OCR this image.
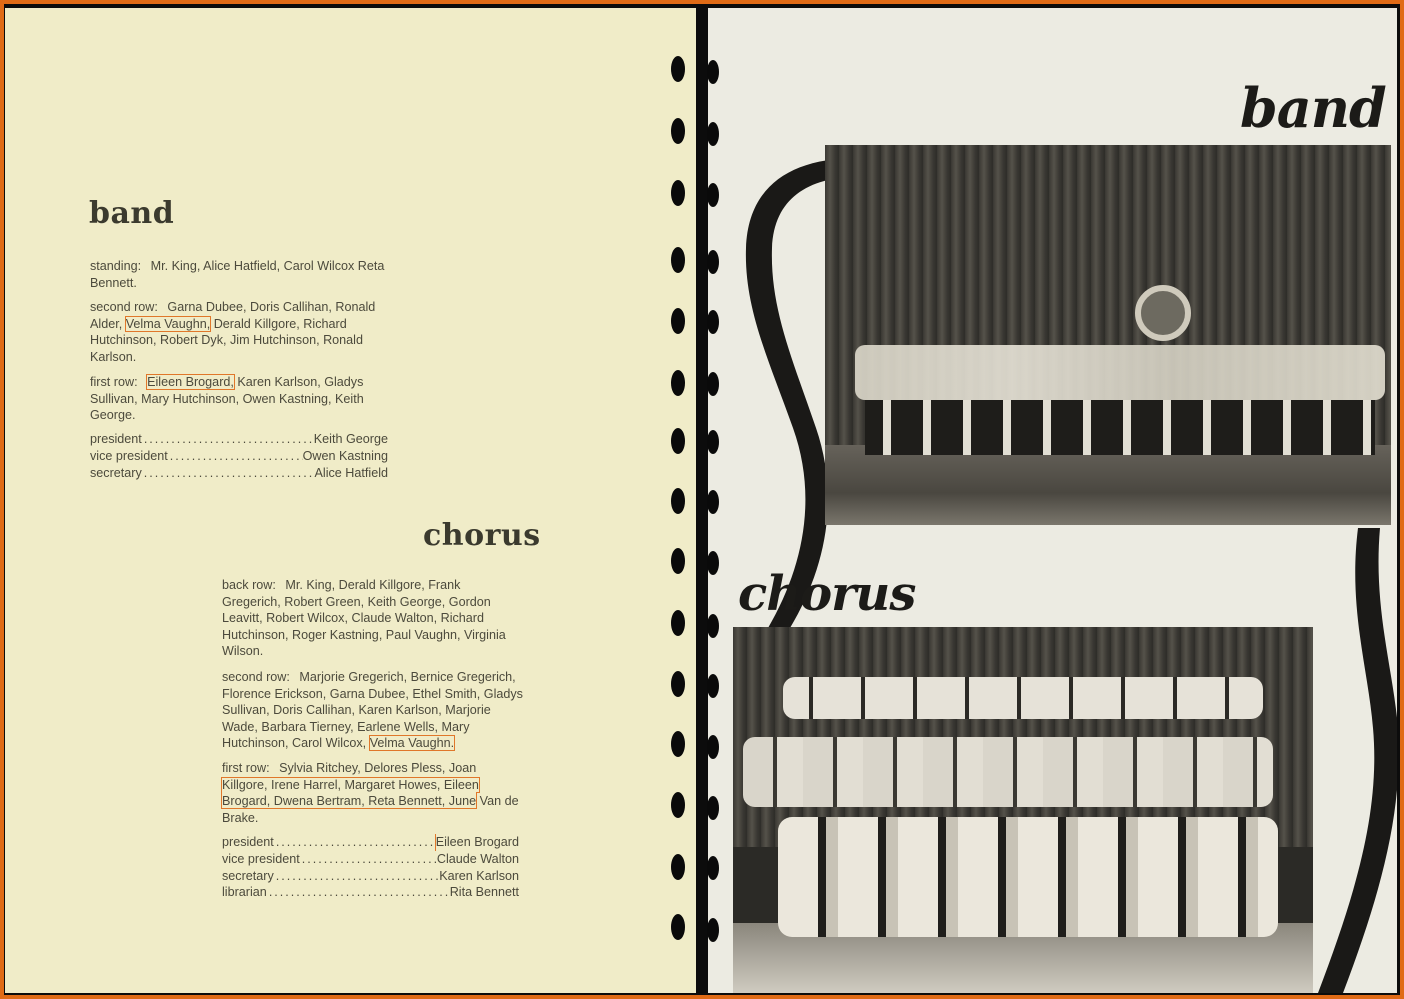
band
standing: Mr. King, Alice Hatfield, Carol Wilcox Reta Bennett.
second row: Garna Dubee, Doris Callihan, Ronald Alder, Velma Vaughn, Derald Killgore, Richard Hutchinson, Robert Dyk, Jim Hutchinson, Ronald Karlson.
first row: Eileen Brogard, Karen Karlson, Gladys Sullivan, Mary Hutchinson, Owen Kastning, Keith George.
president .....	Keith George
vice president .....	Owen Kastning
secretary .....	Alice Hatfield
chorus
back row: Mr. King, Derald Killgore, Frank Gregerich, Robert Green, Keith George, Gordon Leavitt, Robert Wilcox, Claude Walton, Richard Hutchinson, Roger Kastning, Paul Vaughn, Virginia Wilson.
second row: Marjorie Gregerich, Bernice Gregerich, Florence Erickson, Garna Dubee, Ethel Smith, Gladys Sullivan, Doris Callihan, Karen Karlson, Marjorie Wade, Barbara Tierney, Earlene Wells, Mary Hutchinson, Carol Wilcox, Velma Vaughn.
first row: Sylvia Ritchey, Delores Pless, Joan Killgore, Irene Harrel, Margaret Howes, Eileen Brogard, Dwena Bertram, Reta Bennett, June Van de Brake.
president .....	Eileen Brogard
vice president .....	Claude Walton
secretary .....	Karen Karlson
librarian .....	Rita Bennett
band
chorus
